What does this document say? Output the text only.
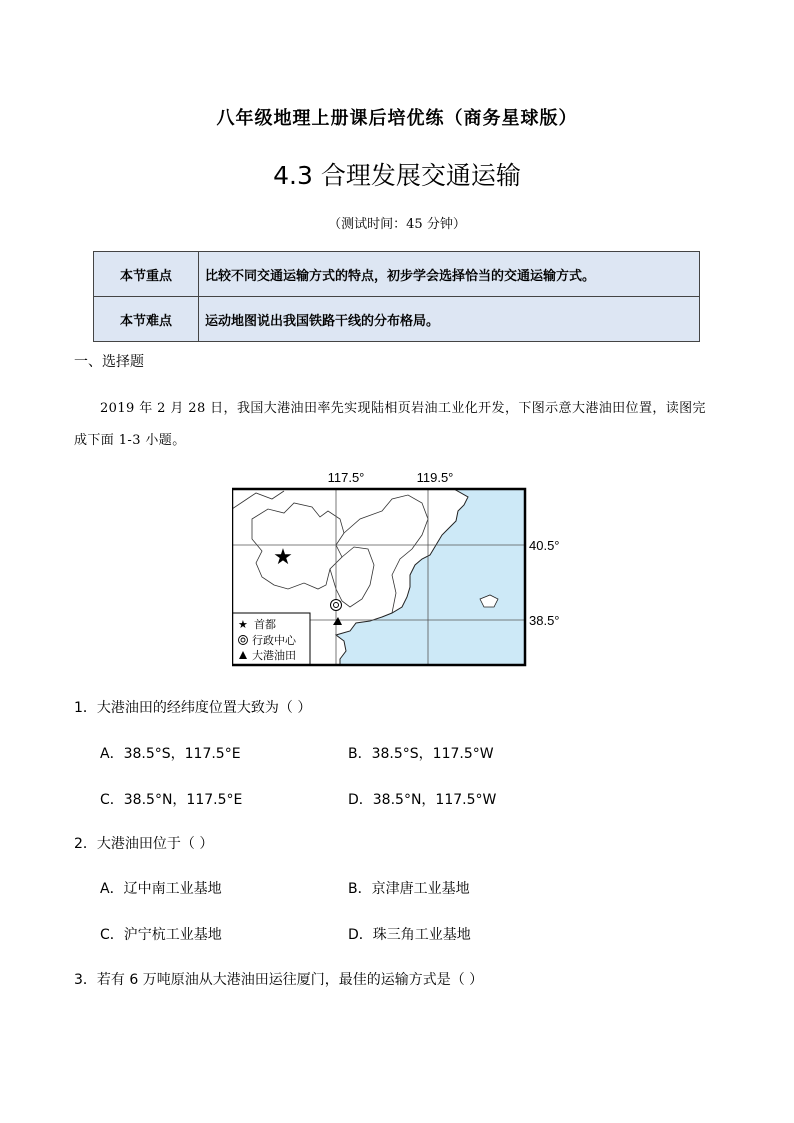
八年级地理上册课后培优练（商务星球版）
4.3 合理发展交通运输
（测试时间：45 分钟）
本节重点	比较不同交通运输方式的特点，初步学会选择恰当的交通运输方式。
本节难点	运动地图说出我国铁路干线的分布格局。
一、选择题
2019 年 2 月 28 日，我国大港油田率先实现陆相页岩油工业化开发，下图示意大港油田位置，读图完成下面 1-3 小题。
117.5°	119.5°
★
★ 首都
行政中心
大港油田
40.5°
38.5°
1．大港油田的经纬度位置大致为（ ）
A．38.5°S，117.5°E	B．38.5°S，117.5°W
C．38.5°N，117.5°E	D．38.5°N，117.5°W
2．大港油田位于（ ）
A．辽中南工业基地	B．京津唐工业基地
C．沪宁杭工业基地	D．珠三角工业基地
3．若有 6 万吨原油从大港油田运往厦门，最佳的运输方式是（ ）
